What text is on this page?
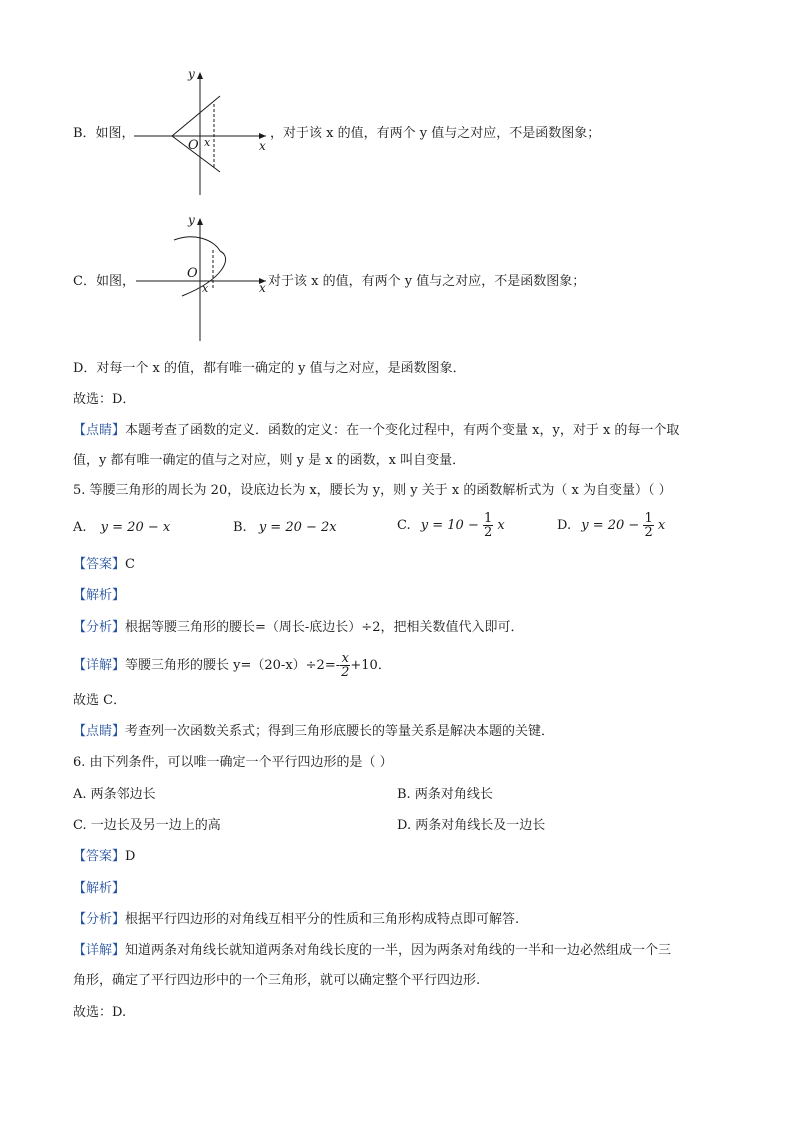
B．如图，
y
x
O x
，对于该 x 的值，有两个 y 值与之对应，不是函数图象；
C．如图，
y
x
O
x	对于该 x 的值，有两个 y 值与之对应，不是函数图象；
D．对每一个 x 的值，都有唯一确定的 y 值与之对应，是函数图象．
故选：D．
【点睛】本题考查了函数的定义．函数的定义：在一个变化过程中，有两个变量 x，y，对于 x 的每一个取
值，y 都有唯一确定的值与之对应，则 y 是 x 的函数，x 叫自变量．
5. 等腰三角形的周长为 20，设底边长为 x，腰长为 y，则 y 关于 x 的函数解析式为（ x 为自变量）（ ）
A. y = 20 − x	B. y = 20 − 2x	C. $y = 10 - \frac{1}{2}$ x	D. $y = 20 - \frac{1}{2}$ x
【答案】C
【解析】
【分析】根据等腰三角形的腰长=（周长-底边长）÷2，把相关数值代入即可．
【详解】等腰三角形的腰长 $y=(20-x)\div 2=- \frac{x}{2} +10$．
故选 C．
【点睛】考查列一次函数关系式；得到三角形底腰长的等量关系是解决本题的关键．
6. 由下列条件，可以唯一确定一个平行四边形的是（ ）
A. 两条邻边长	B. 两条对角线长
C. 一边长及另一边上的高	D. 两条对角线长及一边长
【答案】D
【解析】
【分析】根据平行四边形的对角线互相平分的性质和三角形构成特点即可解答.
【详解】知道两条对角线长就知道两条对角线长度的一半，因为两条对角线的一半和一边必然组成一个三
角形，确定了平行四边形中的一个三角形，就可以确定整个平行四边形.
故选：D.
